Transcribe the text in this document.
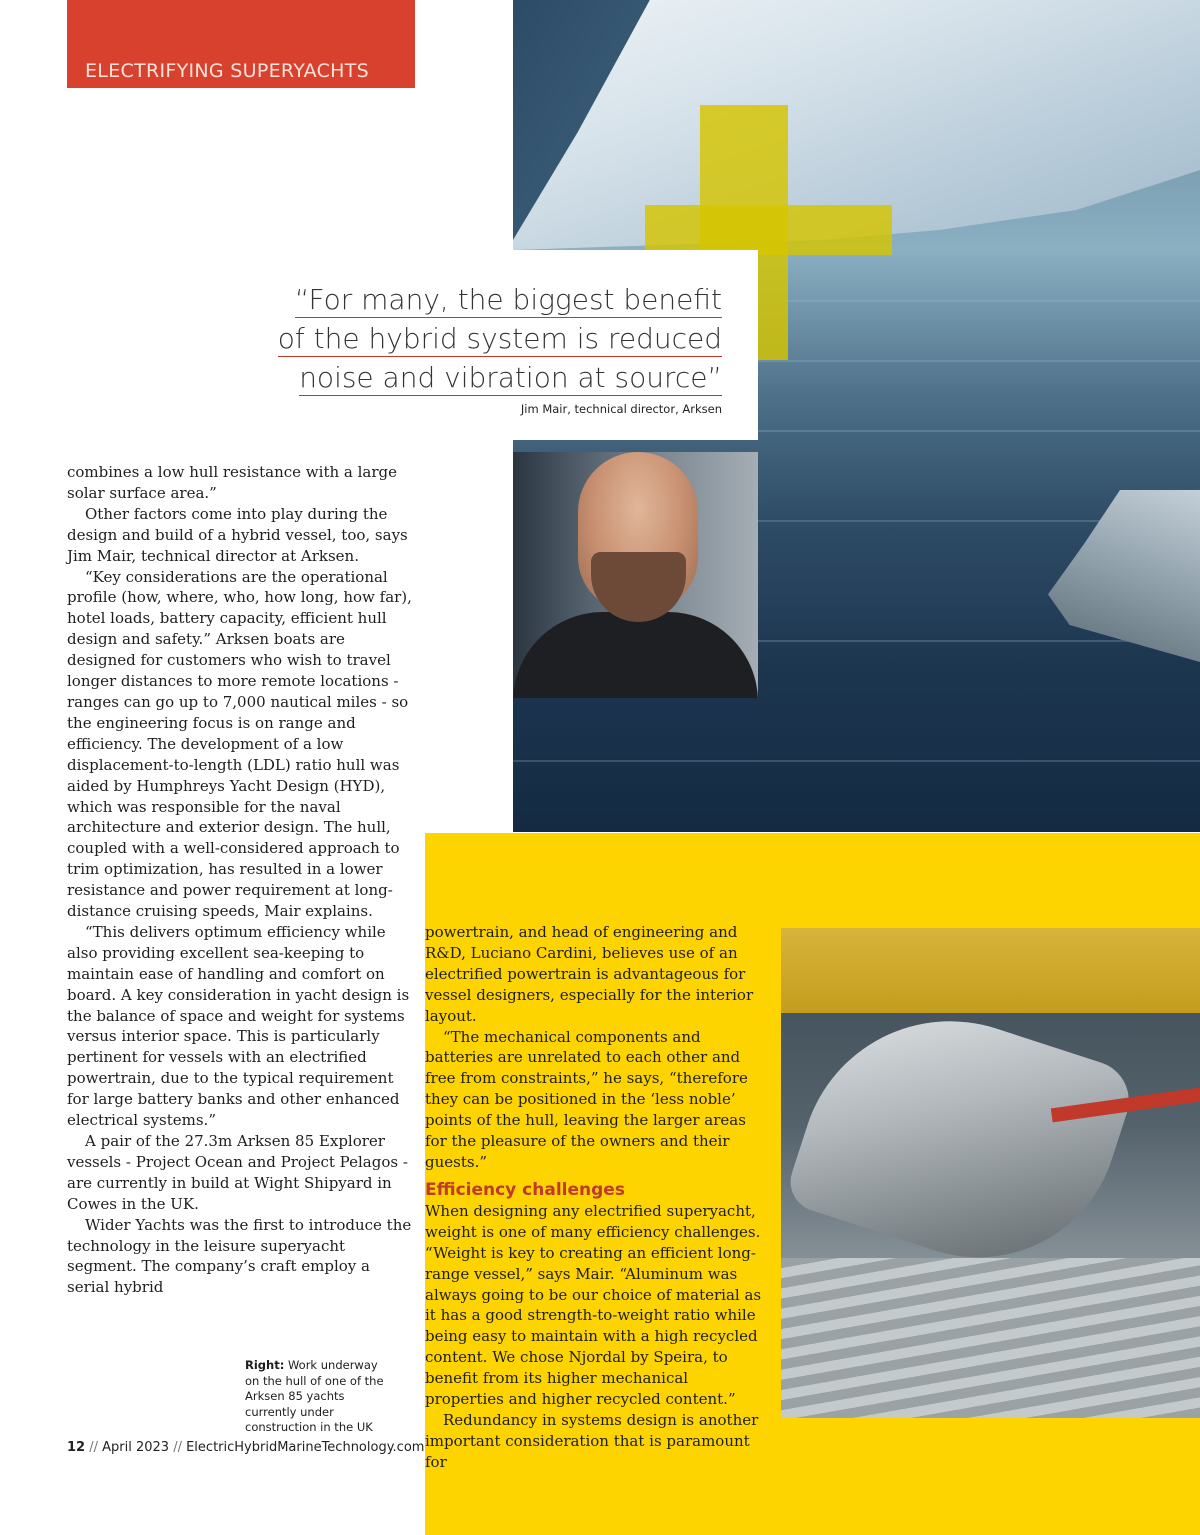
ELECTRIFYING SUPERYACHTS

“For many, the biggest benefit

of the hybrid system is reduced

noise and vibration at source”

Jim Mair, technical director, Arksen

combines a low hull resistance with a large solar surface area.”

Other factors come into play during the design and build of a hybrid vessel, too, says Jim Mair, technical director at Arksen.

“Key considerations are the operational profile (how, where, who, how long, how far), hotel loads, battery capacity, efficient hull design and safety.” Arksen boats are designed for customers who wish to travel longer distances to more remote locations - ranges can go up to 7,000 nautical miles - so the engineering focus is on range and efficiency. The development of a low displacement-to-length (LDL) ratio hull was aided by Humphreys Yacht Design (HYD), which was responsible for the naval architecture and exterior design. The hull, coupled with a well-considered approach to trim optimization, has resulted in a lower resistance and power requirement at long-distance cruising speeds, Mair explains.

“This delivers optimum efficiency while also providing excellent sea-keeping to maintain ease of handling and comfort on board. A key consideration in yacht design is the balance of space and weight for systems versus interior space. This is particularly pertinent for vessels with an electrified powertrain, due to the typical requirement for large battery banks and other enhanced electrical systems.”

A pair of the 27.3m Arksen 85 Explorer vessels - Project Ocean and Project Pelagos - are currently in build at Wight Shipyard in Cowes in the UK.

Wider Yachts was the first to introduce the technology in the leisure superyacht segment. The company’s craft employ a serial hybrid

powertrain, and head of engineering and R&D, Luciano Cardini, believes use of an electrified powertrain is advantageous for vessel designers, especially for the interior layout.

“The mechanical components and batteries are unrelated to each other and free from constraints,” he says, “therefore they can be positioned in the ‘less noble’ points of the hull, leaving the larger areas for the pleasure of the owners and their guests.”

Efficiency challenges

When designing any electrified superyacht, weight is one of many efficiency challenges. “Weight is key to creating an efficient long-range vessel,” says Mair. “Aluminum was always going to be our choice of material as it has a good strength-to-weight ratio while being easy to maintain with a high recycled content. We chose Njordal by Speira, to benefit from its higher mechanical properties and higher recycled content.”

Redundancy in systems design is another important consideration that is paramount for

Right: Work underway on the hull of one of the Arksen 85 yachts currently under construction in the UK
12 // April 2023 // ElectricHybridMarineTechnology.com
